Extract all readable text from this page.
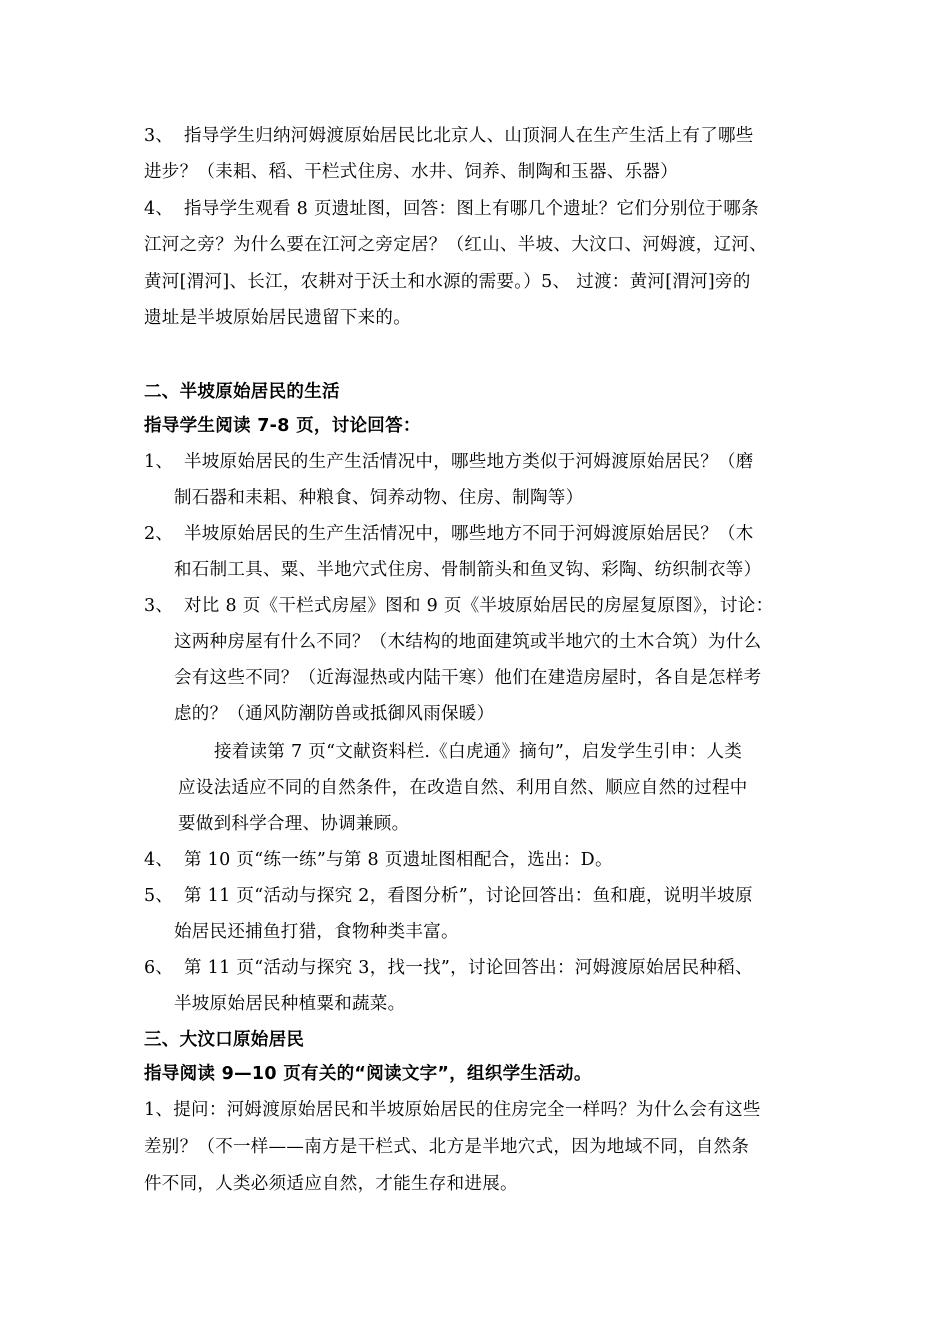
3、 指导学生归纳河姆渡原始居民比北京人、山顶洞人在生产生活上有了哪些
进步？（耒耜、稻、干栏式住房、水井、饲养、制陶和玉器、乐器）
4、 指导学生观看 8 页遗址图，回答：图上有哪几个遗址？它们分别位于哪条
江河之旁？为什么要在江河之旁定居？（红山、半坡、大汶口、河姆渡，辽河、
黄河[渭河]、长江，农耕对于沃土和水源的需要。）5、 过渡：黄河[渭河]旁的
遗址是半坡原始居民遗留下来的。
二、半坡原始居民的生活
指导学生阅读 7-8 页，讨论回答：
1、 半坡原始居民的生产生活情况中，哪些地方类似于河姆渡原始居民？（磨
制石器和耒耜、种粮食、饲养动物、住房、制陶等）
2、 半坡原始居民的生产生活情况中，哪些地方不同于河姆渡原始居民？（木
和石制工具、粟、半地穴式住房、骨制箭头和鱼叉钩、彩陶、纺织制衣等）
3、 对比 8 页《干栏式房屋》图和 9 页《半坡原始居民的房屋复原图》，讨论：
这两种房屋有什么不同？（木结构的地面建筑或半地穴的土木合筑）为什么
会有这些不同？（近海湿热或内陆干寒）他们在建造房屋时，各自是怎样考
虑的？（通风防潮防兽或抵御风雨保暖）
接着读第 7 页“文献资料栏.《白虎通》摘句”，启发学生引申：人类
应设法适应不同的自然条件，在改造自然、利用自然、顺应自然的过程中
要做到科学合理、协调兼顾。
4、 第 10 页“练一练”与第 8 页遗址图相配合，选出：D。
5、 第 11 页“活动与探究 2，看图分析”，讨论回答出：鱼和鹿，说明半坡原
始居民还捕鱼打猎，食物种类丰富。
6、 第 11 页“活动与探究 3，找一找”，讨论回答出：河姆渡原始居民种稻、
半坡原始居民种植粟和蔬菜。
三、大汶口原始居民
指导阅读 9—10 页有关的“阅读文字”，组织学生活动。
1、提问：河姆渡原始居民和半坡原始居民的住房完全一样吗？为什么会有这些
差别？（不一样——南方是干栏式、北方是半地穴式，因为地域不同，自然条
件不同，人类必须适应自然，才能生存和进展。
